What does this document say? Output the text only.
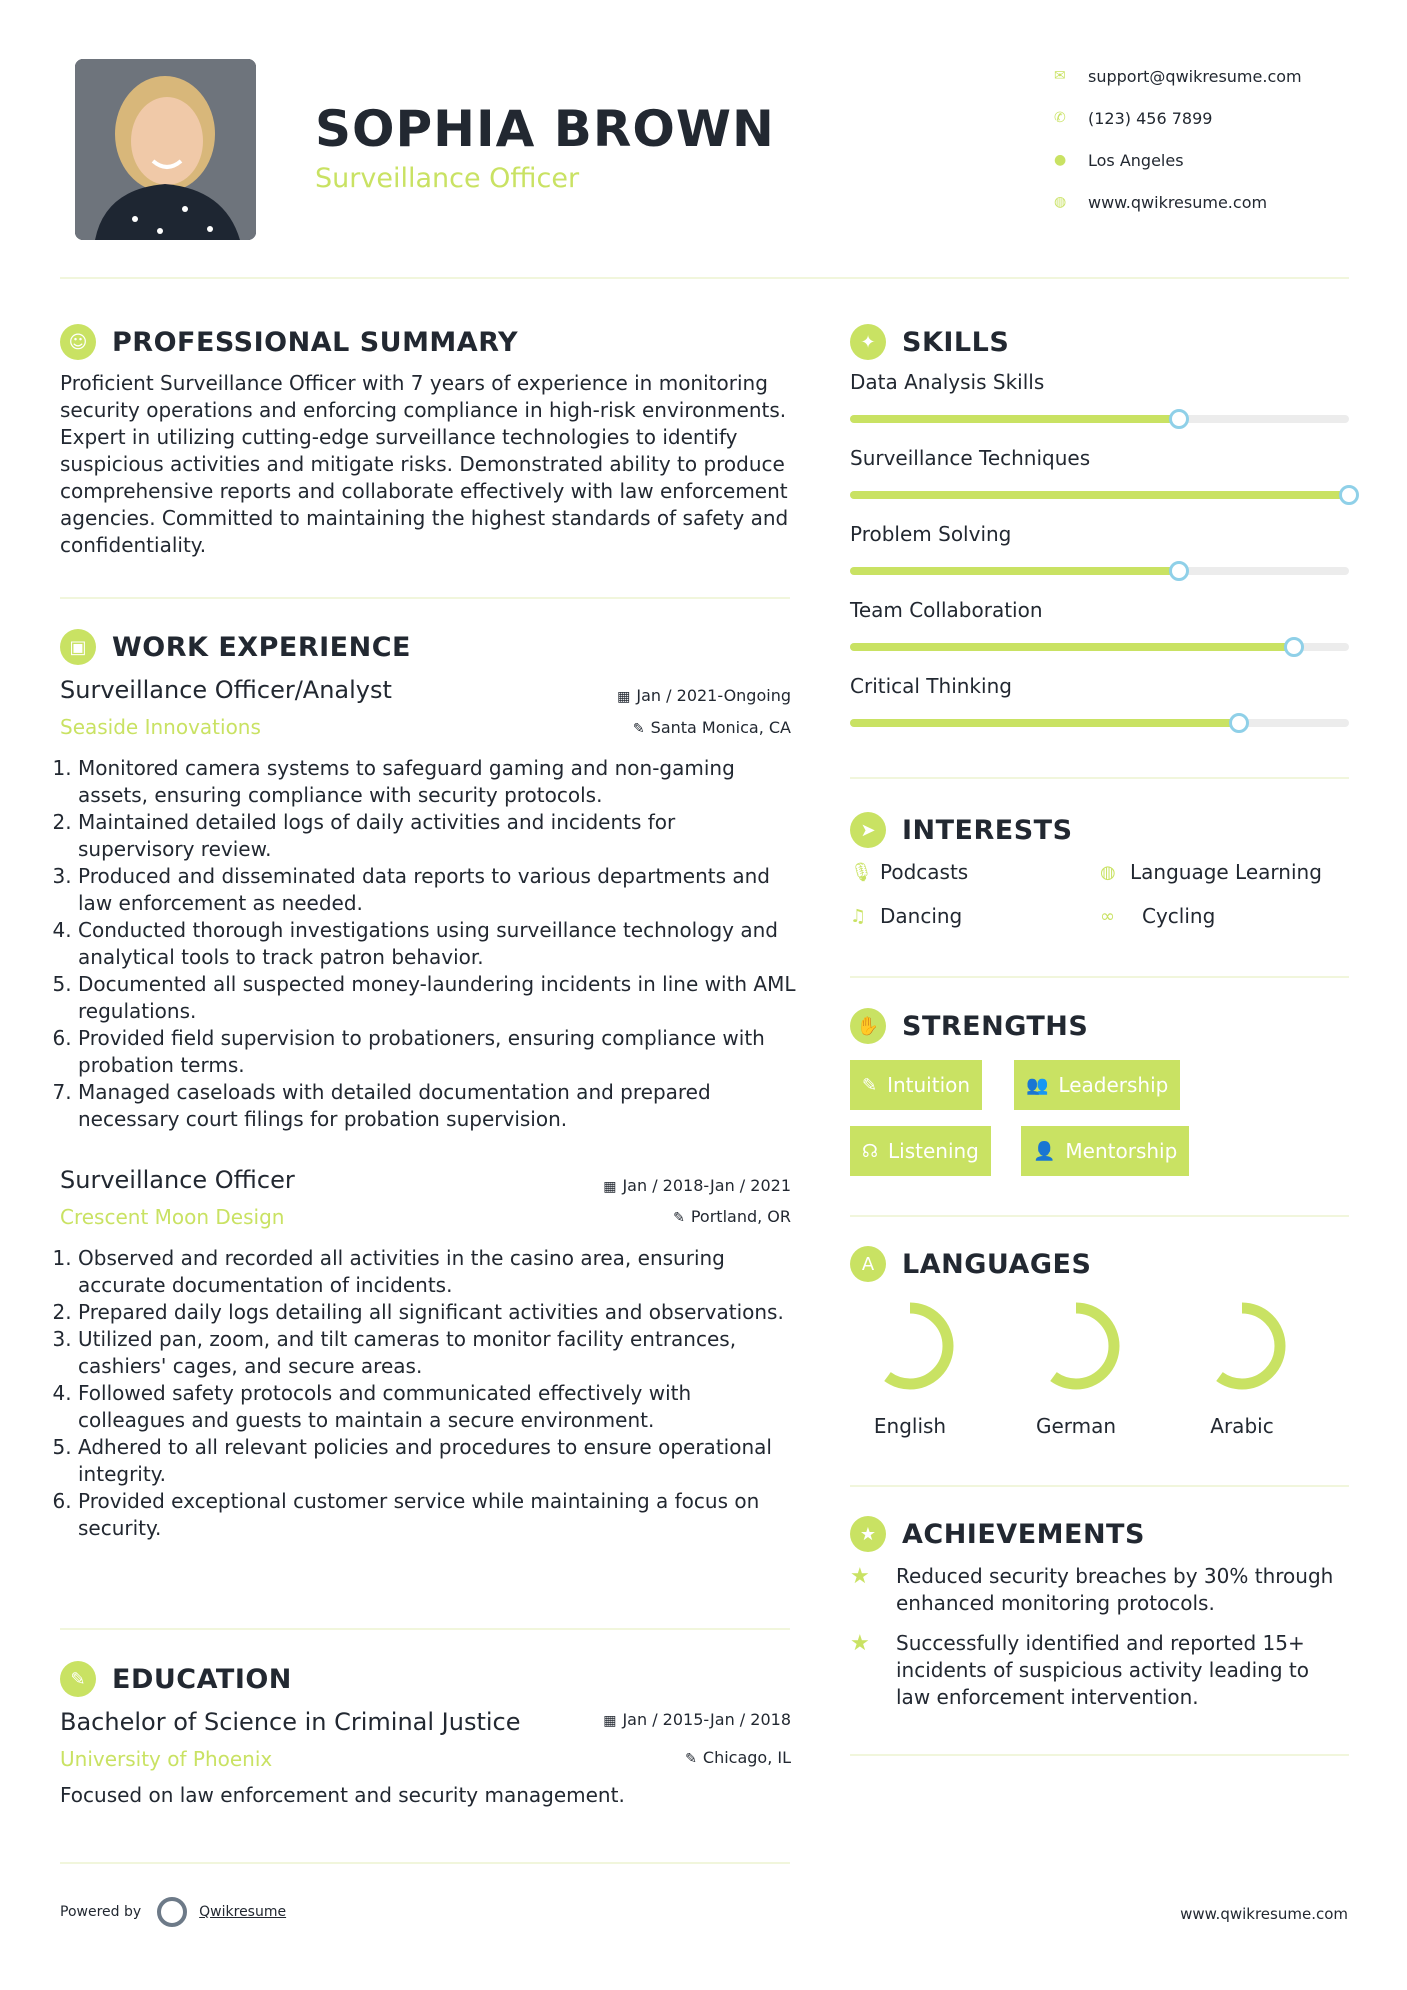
SOPHIA BROWN
Surveillance Officer
✉	support@qwikresume.com
✆	(123) 456 7899
●	Los Angeles
◍	www.qwikresume.com
☺ PROFESSIONAL SUMMARY
Proficient Surveillance Officer with 7 years of experience in monitoring security operations and enforcing compliance in high-risk environments. Expert in utilizing cutting-edge surveillance technologies to identify suspicious activities and mitigate risks. Demonstrated ability to produce comprehensive reports and collaborate effectively with law enforcement agencies. Committed to maintaining the highest standards of safety and confidentiality.
▣ WORK EXPERIENCE
Surveillance Officer/Analyst	▦ Jan / 2021-Ongoing
Seaside Innovations	✎ Santa Monica, CA
1. Monitored camera systems to safeguard gaming and non-gaming assets, ensuring compliance with security protocols.
2. Maintained detailed logs of daily activities and incidents for supervisory review.
3. Produced and disseminated data reports to various departments and law enforcement as needed.
4. Conducted thorough investigations using surveillance technology and analytical tools to track patron behavior.
5. Documented all suspected money-laundering incidents in line with AML regulations.
6. Provided field supervision to probationers, ensuring compliance with probation terms.
7. Managed caseloads with detailed documentation and prepared necessary court filings for probation supervision.
Surveillance Officer	▦ Jan / 2018-Jan / 2021
Crescent Moon Design	✎ Portland, OR
1. Observed and recorded all activities in the casino area, ensuring accurate documentation of incidents.
2. Prepared daily logs detailing all significant activities and observations.
3. Utilized pan, zoom, and tilt cameras to monitor facility entrances, cashiers' cages, and secure areas.
4. Followed safety protocols and communicated effectively with colleagues and guests to maintain a secure environment.
5. Adhered to all relevant policies and procedures to ensure operational integrity.
6. Provided exceptional customer service while maintaining a focus on security.
✎ EDUCATION
Bachelor of Science in Criminal Justice	▦ Jan / 2015-Jan / 2018
University of Phoenix	✎ Chicago, IL
Focused on law enforcement and security management.
✦ SKILLS
Data Analysis Skills
Surveillance Techniques
Problem Solving
Team Collaboration
Critical Thinking
➤ INTERESTS
🎙 Podcasts	◍ Language Learning
♫ Dancing	∞	Cycling
✋ STRENGTHS
✎ Intuition	👥 Leadership
☊ Listening	👤 Mentorship
A	LANGUAGES
English	German	Arabic
★ ACHIEVEMENTS
★	Reduced security breaches by 30% through enhanced monitoring protocols.
★	Successfully identified and reported 15+ incidents of suspicious activity leading to law enforcement intervention.
Powered by	Qwikresume	www.qwikresume.com
